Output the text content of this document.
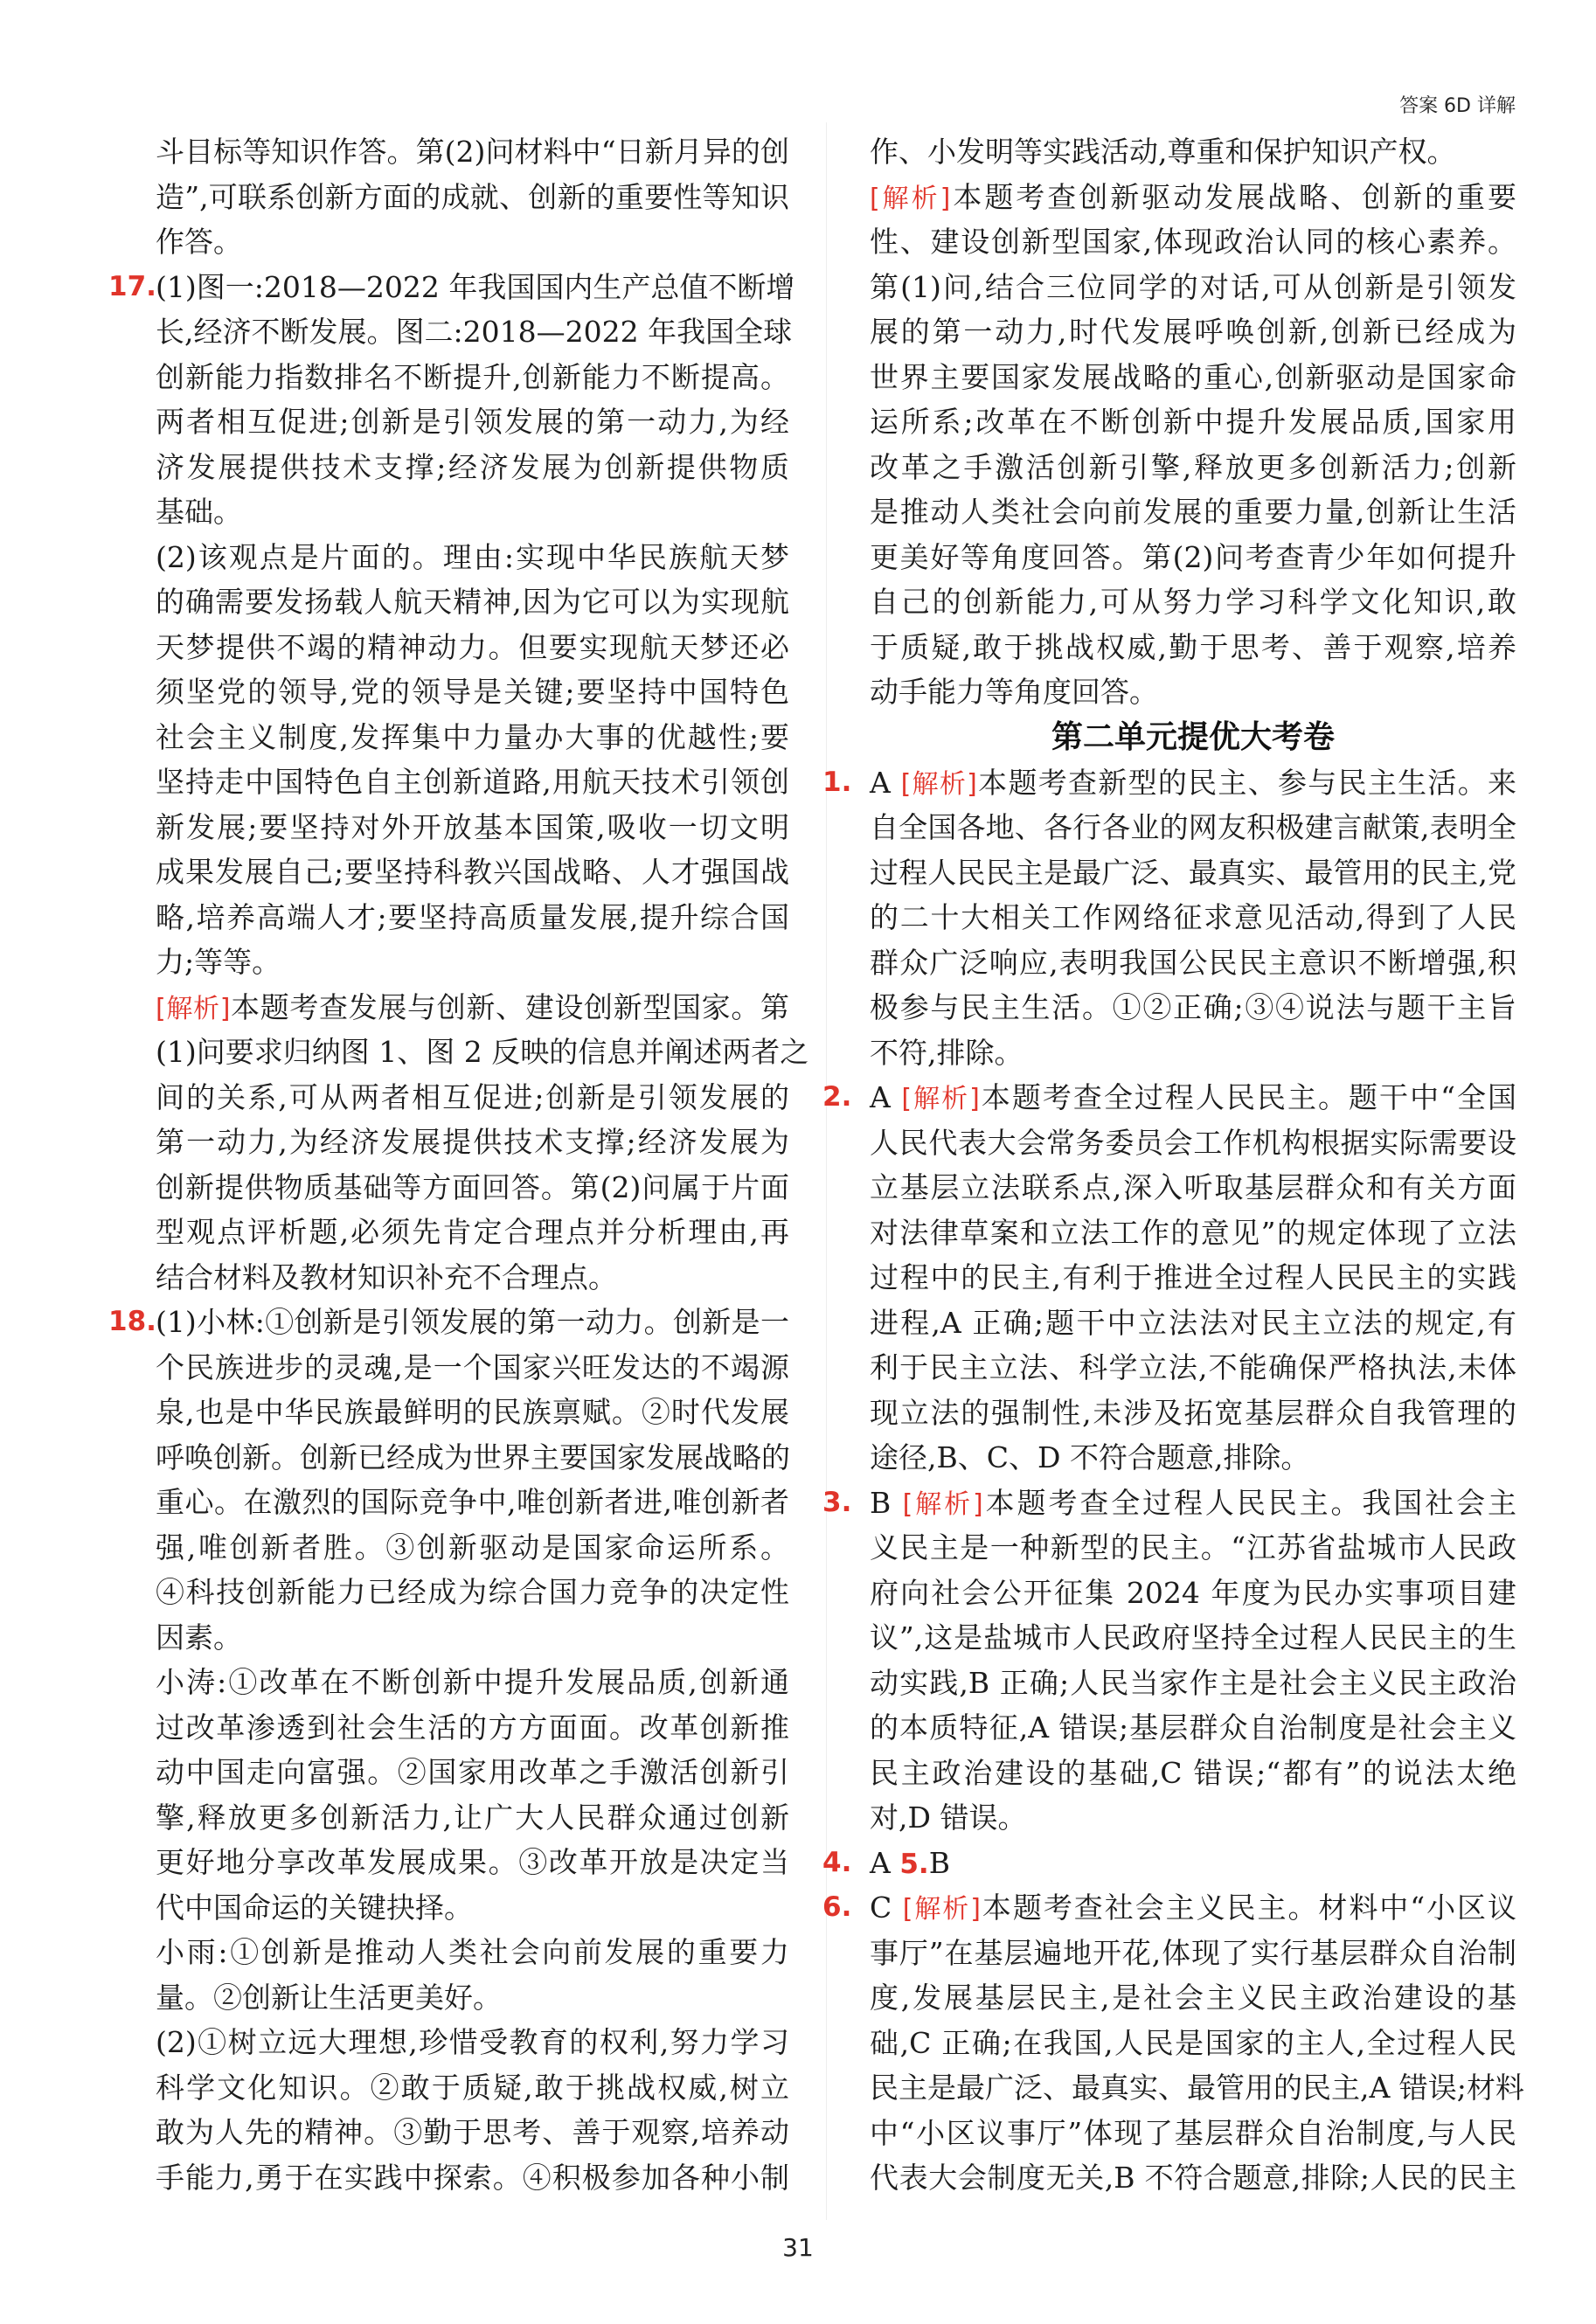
答案 6D 详解
斗目标等知识作答。第(2)问材料中“日新月异的创
造”,可联系创新方面的成就、创新的重要性等知识
作答。
17. (1)图一:2018—2022 年我国国内生产总值不断增
长,经济不断发展。图二:2018—2022 年我国全球
创新能力指数排名不断提升,创新能力不断提高。
两者相互促进;创新是引领发展的第一动力,为经
济发展提供技术支撑;经济发展为创新提供物质
基础。
(2)该观点是片面的。理由:实现中华民族航天梦
的确需要发扬载人航天精神,因为它可以为实现航
天梦提供不竭的精神动力。但要实现航天梦还必
须坚党的领导,党的领导是关键;要坚持中国特色
社会主义制度,发挥集中力量办大事的优越性;要
坚持走中国特色自主创新道路,用航天技术引领创
新发展;要坚持对外开放基本国策,吸收一切文明
成果发展自己;要坚持科教兴国战略、人才强国战
略,培养高端人才;要坚持高质量发展,提升综合国
力;等等。
[解析]本题考查发展与创新、建设创新型国家。第
(1)问要求归纳图 1、图 2 反映的信息并阐述两者之
间的关系,可从两者相互促进;创新是引领发展的
第一动力,为经济发展提供技术支撑;经济发展为
创新提供物质基础等方面回答。第(2)问属于片面
型观点评析题,必须先肯定合理点并分析理由,再
结合材料及教材知识补充不合理点。
18. (1)小林:①创新是引领发展的第一动力。创新是一
个民族进步的灵魂,是一个国家兴旺发达的不竭源
泉,也是中华民族最鲜明的民族禀赋。②时代发展
呼唤创新。创新已经成为世界主要国家发展战略的
重心。在激烈的国际竞争中,唯创新者进,唯创新者
强,唯创新者胜。③创新驱动是国家命运所系。
④科技创新能力已经成为综合国力竞争的决定性
因素。
小涛:①改革在不断创新中提升发展品质,创新通
过改革渗透到社会生活的方方面面。改革创新推
动中国走向富强。②国家用改革之手激活创新引
擎,释放更多创新活力,让广大人民群众通过创新
更好地分享改革发展成果。③改革开放是决定当
代中国命运的关键抉择。
小雨:①创新是推动人类社会向前发展的重要力
量。②创新让生活更美好。
(2)①树立远大理想,珍惜受教育的权利,努力学习
科学文化知识。②敢于质疑,敢于挑战权威,树立
敢为人先的精神。③勤于思考、善于观察,培养动
手能力,勇于在实践中探索。④积极参加各种小制
作、小发明等实践活动,尊重和保护知识产权。
[解析]本题考查创新驱动发展战略、创新的重要
性、建设创新型国家,体现政治认同的核心素养。
第(1)问,结合三位同学的对话,可从创新是引领发
展的第一动力,时代发展呼唤创新,创新已经成为
世界主要国家发展战略的重心,创新驱动是国家命
运所系;改革在不断创新中提升发展品质,国家用
改革之手激活创新引擎,释放更多创新活力;创新
是推动人类社会向前发展的重要力量,创新让生活
更美好等角度回答。第(2)问考查青少年如何提升
自己的创新能力,可从努力学习科学文化知识,敢
于质疑,敢于挑战权威,勤于思考、善于观察,培养
动手能力等角度回答。
第二单元提优大考卷
1. A [解析]本题考查新型的民主、参与民主生活。来
自全国各地、各行各业的网友积极建言献策,表明全
过程人民民主是最广泛、最真实、最管用的民主,党
的二十大相关工作网络征求意见活动,得到了人民
群众广泛响应,表明我国公民民主意识不断增强,积
极参与民主生活。①②正确;③④说法与题干主旨
不符,排除。
2. A [解析]本题考查全过程人民民主。题干中“全国
人民代表大会常务委员会工作机构根据实际需要设
立基层立法联系点,深入听取基层群众和有关方面
对法律草案和立法工作的意见”的规定体现了立法
过程中的民主,有利于推进全过程人民民主的实践
进程,A 正确;题干中立法法对民主立法的规定,有
利于民主立法、科学立法,不能确保严格执法,未体
现立法的强制性,未涉及拓宽基层群众自我管理的
途径,B、C、D 不符合题意,排除。
3. B [解析]本题考查全过程人民民主。我国社会主
义民主是一种新型的民主。“江苏省盐城市人民政
府向社会公开征集 2024 年度为民办实事项目建
议”,这是盐城市人民政府坚持全过程人民民主的生
动实践,B 正确;人民当家作主是社会主义民主政治
的本质特征,A 错误;基层群众自治制度是社会主义
民主政治建设的基础,C 错误;“都有”的说法太绝
对,D 错误。
4. A 5.B
6. C [解析]本题考查社会主义民主。材料中“小区议
事厅”在基层遍地开花,体现了实行基层群众自治制
度,发展基层民主,是社会主义民主政治建设的基
础,C 正确;在我国,人民是国家的主人,全过程人民
民主是最广泛、最真实、最管用的民主,A 错误;材料
中“小区议事厅”体现了基层群众自治制度,与人民
代表大会制度无关,B 不符合题意,排除;人民的民主
31
